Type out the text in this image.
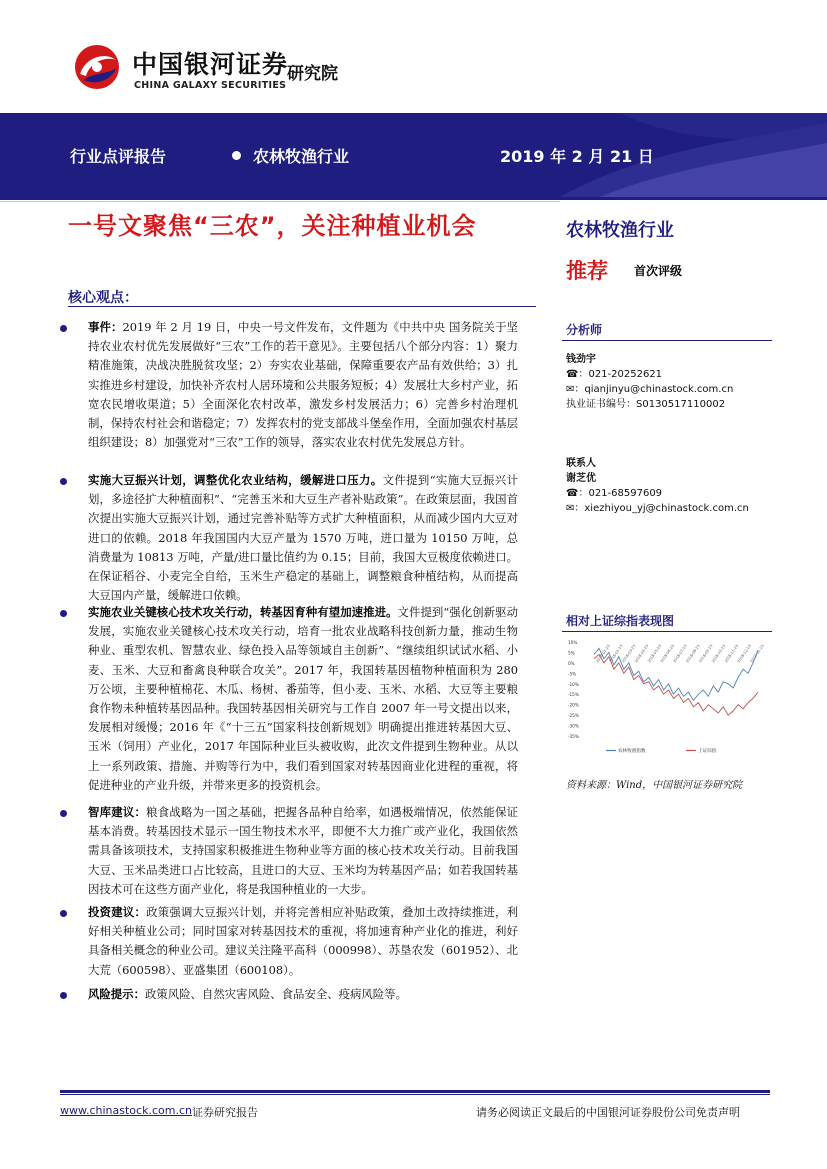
中国银河证券
CHINA GALAXY SECURITIES
研究院
行业点评报告	农林牧渔行业	2019 年 2 月 21 日
一号文聚焦“三农”，关注种植业机会	农林牧渔行业
推荐 首次评级
核心观点：
事件：2019 年 2 月 19 日，中央一号文件发布，文件题为《中共中央 国务院关于坚持农业农村优先发展做好“三农”工作的若干意见》。主要包括八个部分内容：1）聚力精准施策，决战决胜脱贫攻坚；2）夯实农业基础，保障重要农产品有效供给；3）扎实推进乡村建设，加快补齐农村人居环境和公共服务短板；4）发展壮大乡村产业，拓宽农民增收渠道；5）全面深化农村改革，激发乡村发展活力；6）完善乡村治理机制，保持农村社会和谐稳定；7）发挥农村的党支部战斗堡垒作用，全面加强农村基层组织建设；8）加强党对“三农”工作的领导，落实农业农村优先发展总方针。
实施大豆振兴计划，调整优化农业结构，缓解进口压力。文件提到“实施大豆振兴计划，多途径扩大种植面积”、“完善玉米和大豆生产者补贴政策”。在政策层面，我国首次提出实施大豆振兴计划，通过完善补贴等方式扩大种植面积，从而减少国内大豆对进口的依赖。2018 年我国国内大豆产量为 1570 万吨，进口量为 10150 万吨，总消费量为 10813 万吨，产量/进口量比值约为 0.15；目前，我国大豆极度依赖进口。在保证稻谷、小麦完全自给，玉米生产稳定的基础上，调整粮食种植结构，从而提高大豆国内产量，缓解进口依赖。
实施农业关键核心技术攻关行动，转基因育种有望加速推进。文件提到“强化创新驱动发展，实施农业关键核心技术攻关行动，培育一批农业战略科技创新力量，推动生物种业、重型农机、智慧农业、绿色投入品等领域自主创新”、“继续组织试试水稻、小麦、玉米、大豆和畜禽良种联合攻关”。2017 年，我国转基因植物种植面积为 280 万公顷，主要种植棉花、木瓜、杨树、番茄等，但小麦、玉米、水稻、大豆等主要粮食作物未种植转基因品种。我国转基因相关研究与工作自 2007 年一号文提出以来，发展相对缓慢；2016 年《“十三五”国家科技创新规划》明确提出推进转基因大豆、玉米（饲用）产业化，2017 年国际种业巨头被收购，此次文件提到生物种业。从以上一系列政策、措施、并购等行为中，我们看到国家对转基因商业化进程的重视，将促进种业的产业升级，并带来更多的投资机会。
智库建议：粮食战略为一国之基础，把握各品种自给率，如遇极端情况，依然能保证基本消费。转基因技术显示一国生物技术水平，即便不大力推广或产业化，我国依然需具备该项技术，支持国家积极推进生物种业等方面的核心技术攻关行动。目前我国大豆、玉米品类进口占比较高，且进口的大豆、玉米均为转基因产品；如若我国转基因技术可在这些方面产业化，将是我国种植业的一大步。
投资建议：政策强调大豆振兴计划，并将完善相应补贴政策，叠加土改持续推进，利好相关种植业公司；同时国家对转基因技术的重视，将加速育种产业化的推进，利好具备相关概念的种业公司。建议关注隆平高科（000998）、苏垦农发（601952）、北大荒（600598）、亚盛集团（600108）。
风险提示：政策风险、自然灾害风险、食品安全、疫病风险等。
分析师
钱劲宇
☎：021-20252621
✉：qianjinyu@chinastock.com.cn
执业证书编号：S0130517110002
联系人
谢芝优
☎：021-68597609
✉：xiezhiyou_yj@chinastock.com.cn
相对上证综指表现图
10%
5%
0%
-5%
-10%
-15%
-20%
-25%
-30%
-35%
2018-01-23
2018-02-23
2018-03-23
2018-04-23
2018-05-23
2018-06-23
2018-07-23
2018-08-23
2018-09-23
2018-10-23
2018-11-23
2018-12-23
2019-01-23
农林牧渔指数	上证综指
资料来源：Wind，中国银河证券研究院
www.chinastock.com.cn 证券研究报告	请务必阅读正文最后的中国银河证券股份公司免责声明
